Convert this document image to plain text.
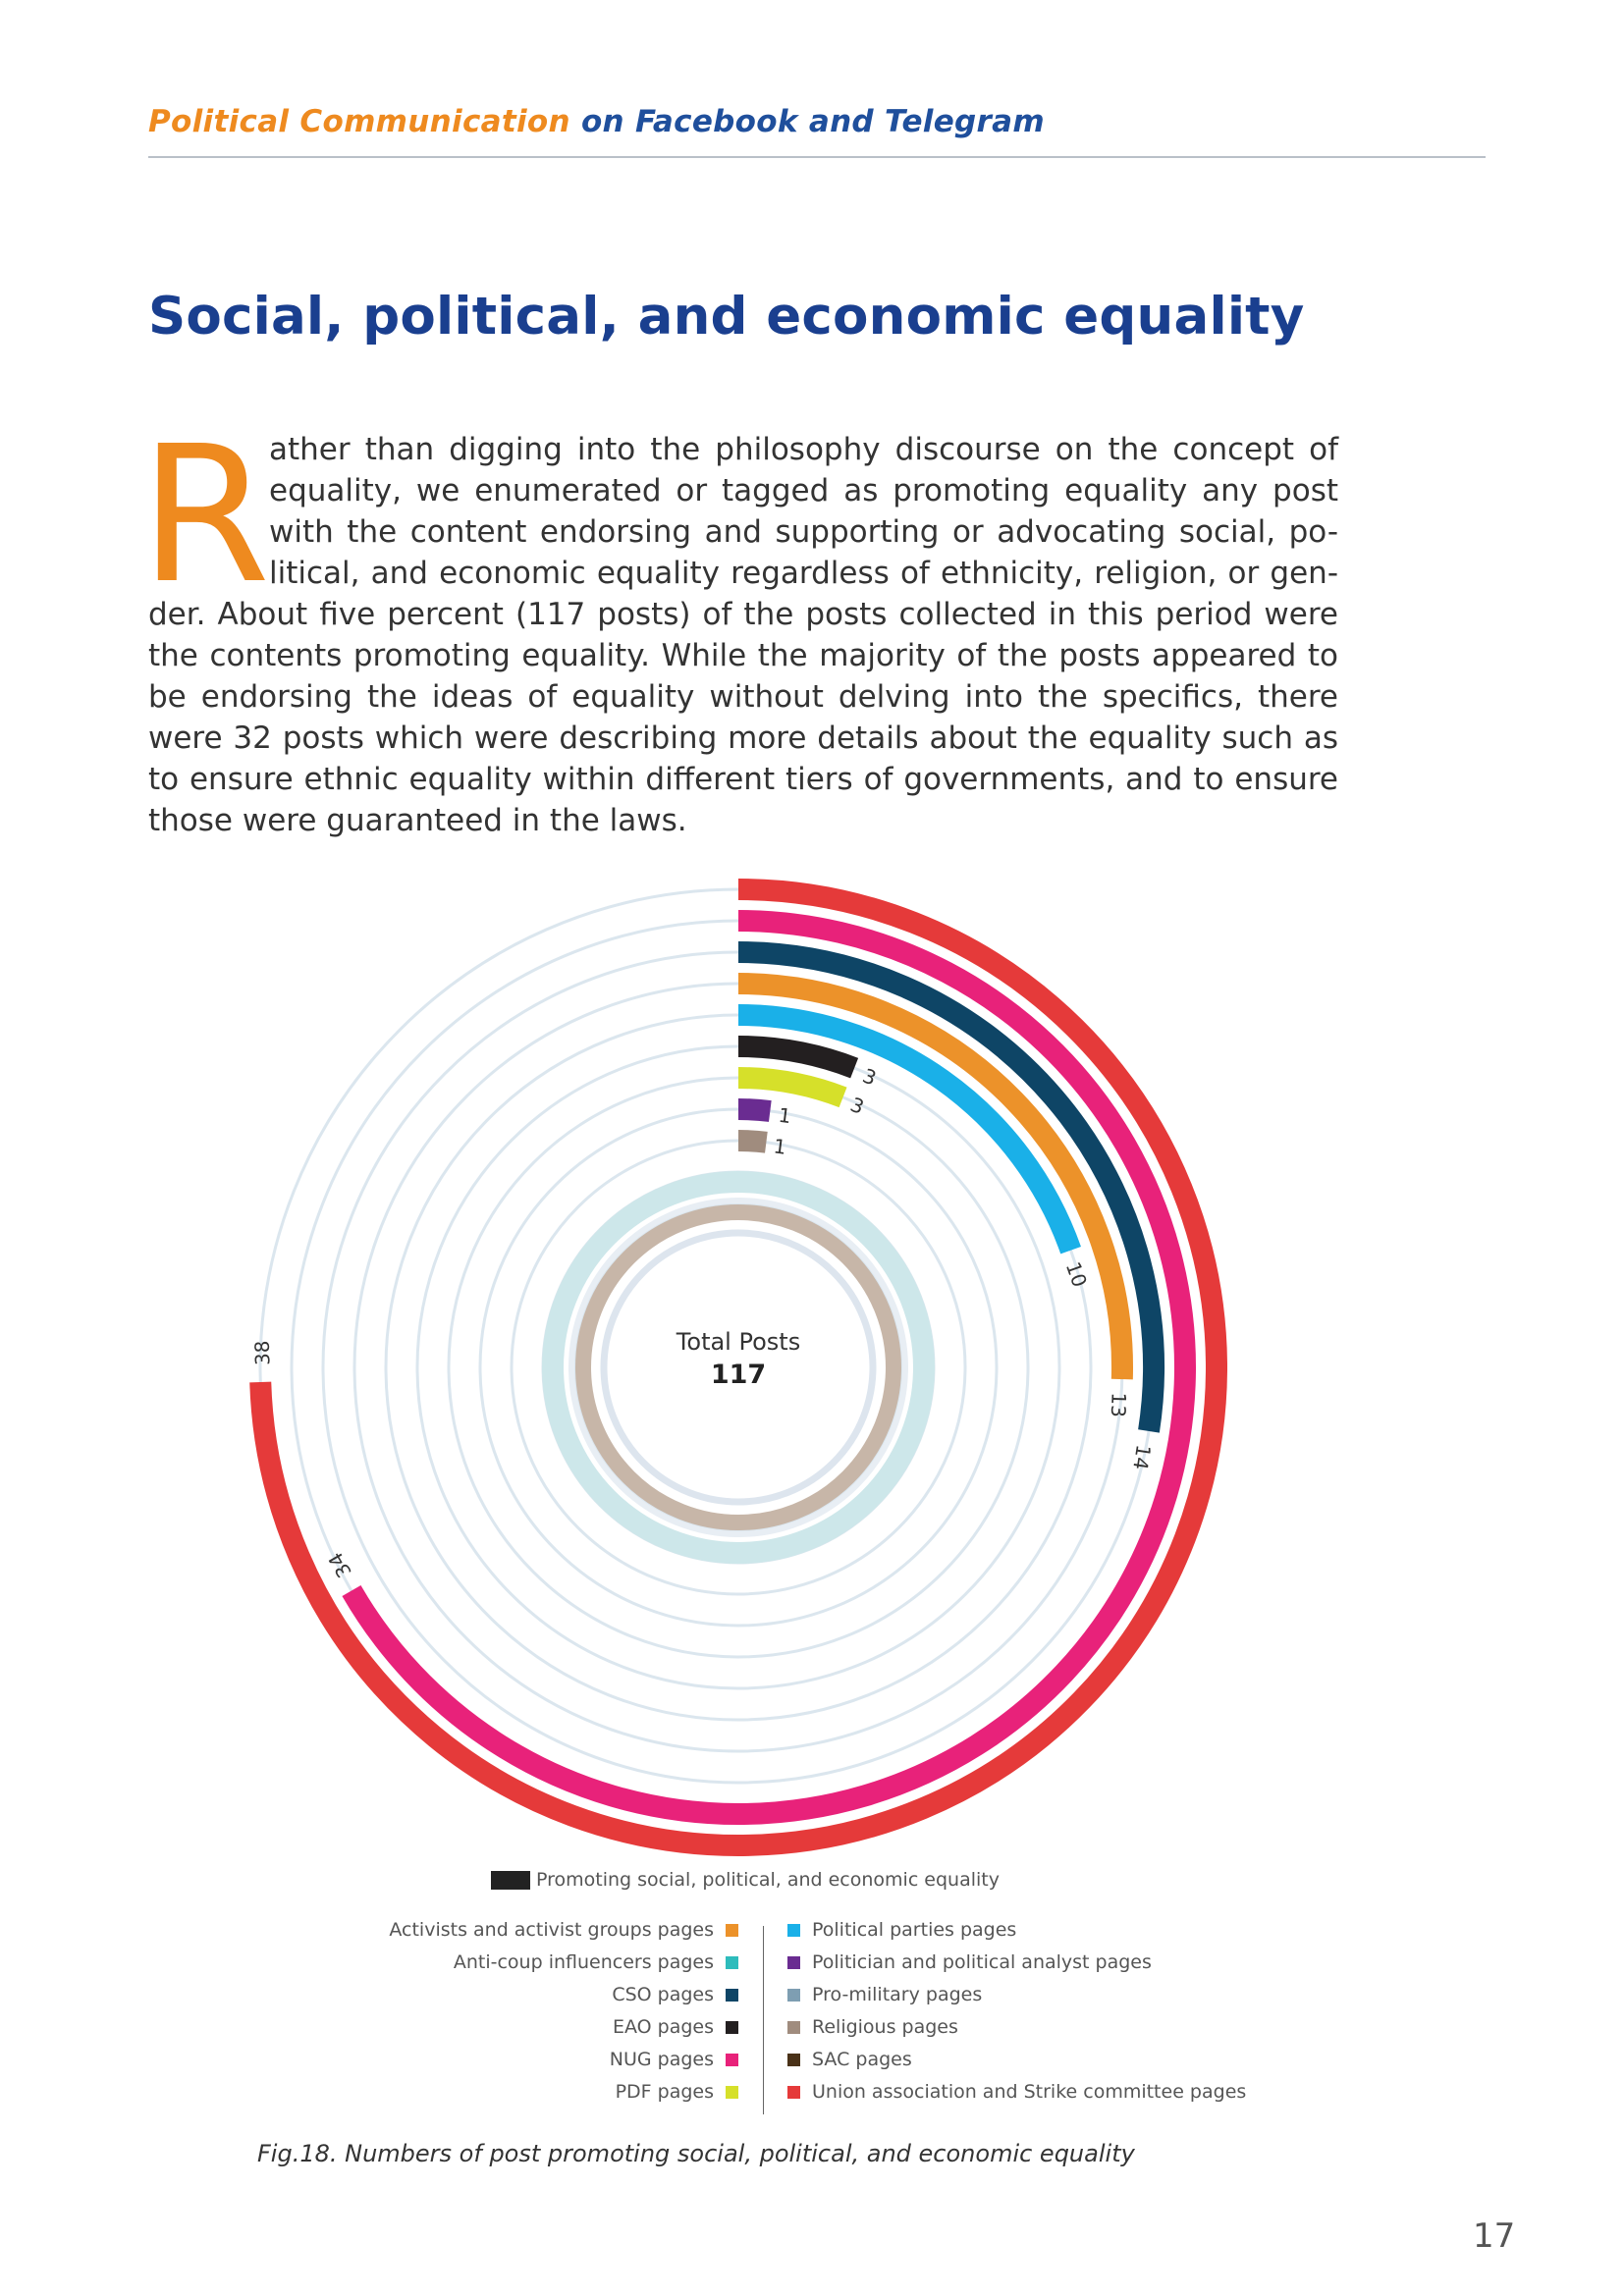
Political Communication on Facebook and Telegram
Social, political, and economic equality
R
ather than digging into the philosophy discourse on the concept of
equality, we enumerated or tagged as promoting equality any post
with the content endorsing and supporting or advocating social, po-
litical, and economic equality regardless of ethnicity, religion, or gen-
der. About five percent (117 posts) of the posts collected in this period were
the contents promoting equality. While the majority of the posts appeared to
be endorsing the ideas of equality without delving into the specifics, there
were 32 posts which were describing more details about the equality such as
to ensure ethnic equality within different tiers of governments, and to ensure
those were guaranteed in the laws.
38
34
14
13
10
3
3
1
1
Total Posts
117
Promoting social, political, and economic equality
Activists and activist groups pages
Anti-coup influencers pages
CSO pages
EAO pages
NUG pages
PDF pages
Political parties pages
Politician and political analyst pages
Pro-military pages
Religious pages
SAC pages
Union association and Strike committee pages
Fig.18. Numbers of post promoting social, political, and economic equality
17
